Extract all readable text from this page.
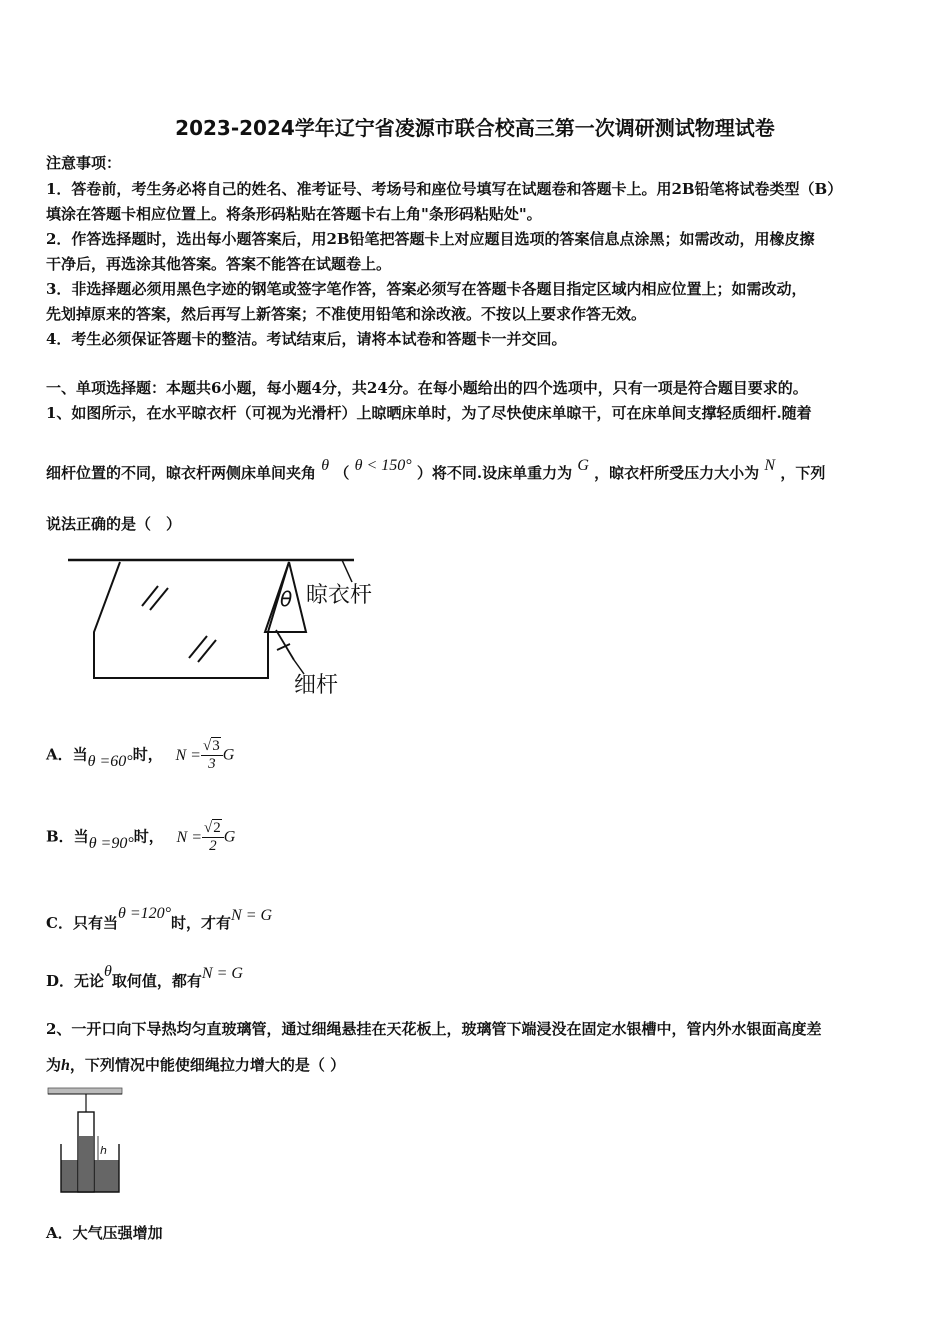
2023-2024学年辽宁省凌源市联合校高三第一次调研测试物理试卷
注意事项：
1．答卷前，考生务必将自己的姓名、准考证号、考场号和座位号填写在试题卷和答题卡上。用2B铅笔将试卷类型（B）
填涂在答题卡相应位置上。将条形码粘贴在答题卡右上角"条形码粘贴处"。
2．作答选择题时，选出每小题答案后，用2B铅笔把答题卡上对应题目选项的答案信息点涂黑；如需改动，用橡皮擦
干净后，再选涂其他答案。答案不能答在试题卷上。
3．非选择题必须用黑色字迹的钢笔或签字笔作答，答案必须写在答题卡各题目指定区域内相应位置上；如需改动，
先划掉原来的答案，然后再写上新答案；不准使用铅笔和涂改液。不按以上要求作答无效。
4．考生必须保证答题卡的整洁。考试结束后，请将本试卷和答题卡一并交回。
一、单项选择题：本题共6小题，每小题4分，共24分。在每小题给出的四个选项中，只有一项是符合题目要求的。
1、如图所示，在水平晾衣杆（可视为光滑杆）上晾晒床单时，为了尽快使床单晾干，可在床单间支撑轻质细杆.随着
细杆位置的不同，晾衣杆两侧床单间夹角 θ （ θ < 150° ）将不同.设床单重力为 G ，晾衣杆所受压力大小为 N ，下列
说法正确的是（　）
θ 晾衣杆
细杆
A．当θ =60°时， $N = \frac{√3}{3}$ G
B．当θ =90°时， $N = \frac{√2}{2}$ G
C．只有当θ =120°时，才有N = G
D．无论θ取何值，都有N = G
2、一开口向下导热均匀直玻璃管，通过细绳悬挂在天花板上，玻璃管下端浸没在固定水银槽中，管内外水银面高度差
为h，下列情况中能使细绳拉力增大的是（ ）
h
A．大气压强增加
